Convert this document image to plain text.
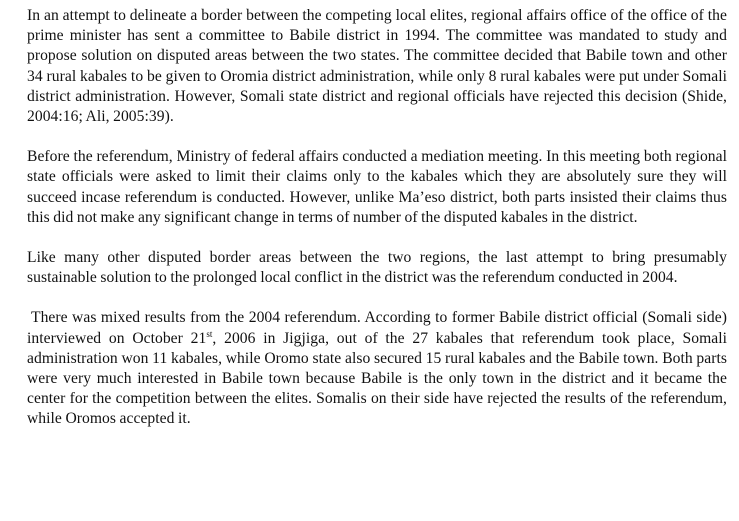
In an attempt to delineate a border between the competing local elites, regional affairs office of the office of the prime minister has sent a committee to Babile district in 1994. The committee was mandated to study and propose solution on disputed areas between the two states. The committee decided that Babile town and other 34 rural kabales to be given to Oromia district administration, while only 8 rural kabales were put under Somali district administration. However, Somali state district and regional officials have rejected this decision (Shide, 2004:16; Ali, 2005:39).

Before the referendum, Ministry of federal affairs conducted a mediation meeting. In this meeting both regional state officials were asked to limit their claims only to the kabales which they are absolutely sure they will succeed incase referendum is conducted. However, unlike Ma’eso district, both parts insisted their claims thus this did not make any significant change in terms of number of the disputed kabales in the district.

Like many other disputed border areas between the two regions, the last attempt to bring presumably sustainable solution to the prolonged local conflict in the district was the referendum conducted in 2004.

There was mixed results from the 2004 referendum. According to former Babile district official (Somali side) interviewed on October 21st, 2006 in Jigjiga, out of the 27 kabales that referendum took place, Somali administration won 11 kabales, while Oromo state also secured 15 rural kabales and the Babile town. Both parts were very much interested in Babile town because Babile is the only town in the district and it became the center for the competition between the elites. Somalis on their side have rejected the results of the referendum, while Oromos accepted it.
